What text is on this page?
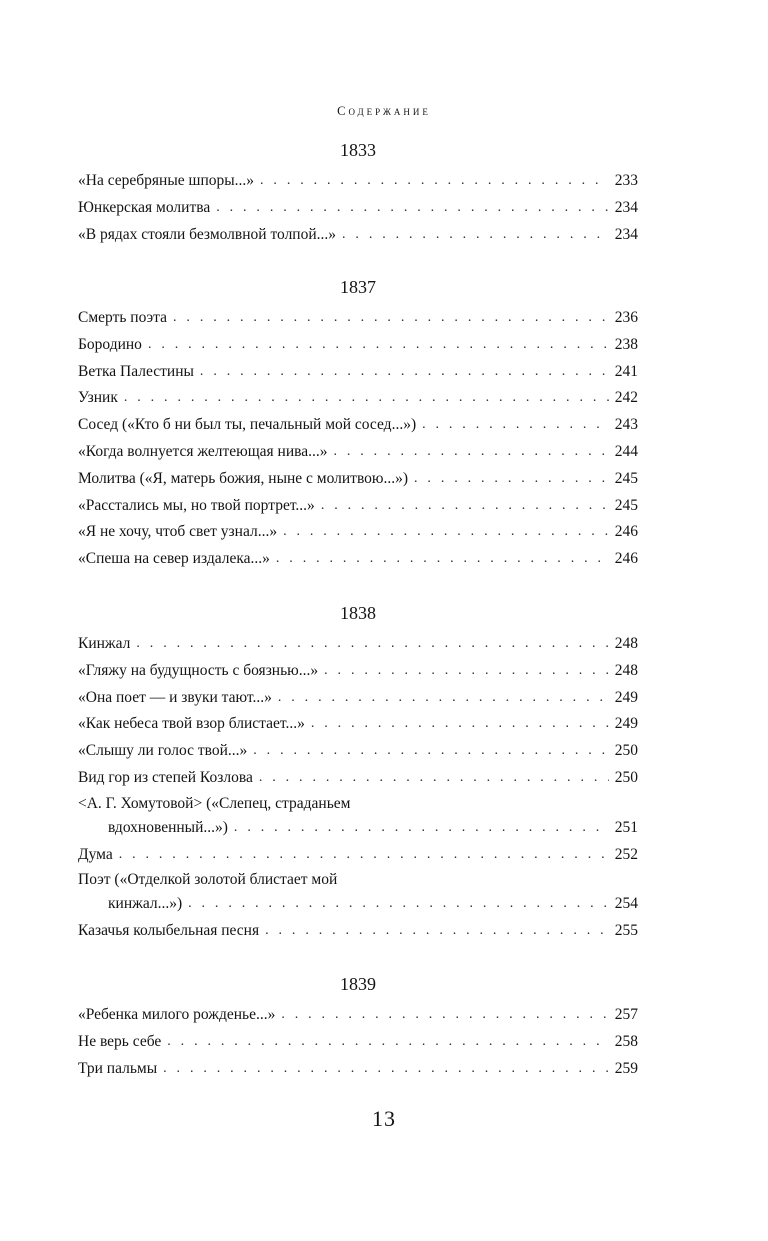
Содержание

1833

«На серебряные шпоры...» . . .	233
Юнкерская молитва . . .	234
«В рядах стояли безмолвной толпой...» . . .	234

1837

Смерть поэта . . .	236
Бородино . . .	238
Ветка Палестины . . .	241
Узник . . .	242
Сосед («Кто б ни был ты, печальный мой сосед...») . . .	243
«Когда волнуется желтеющая нива...» . . .	244
Молитва («Я, матерь божия, ныне с молитвою...») . . .	245
«Расстались мы, но твой портрет...» . . .	245
«Я не хочу, чтоб свет узнал...» . . .	246
«Спеша на север издалека...» . . .	246

1838

Кинжал . . .	248
«Гляжу на будущность с боязнью...» . . .	248
«Она поет — и звуки тают...» . . .	249
«Как небеса твой взор блистает...» . . .	249
«Слышу ли голос твой...» . . .	250
Вид гор из степей Козлова . . .	250
<А. Г. Хомутовой> («Слепец, страданьем
вдохновенный...») . . .	251
Дума . . .	252
Поэт («Отделкой золотой блистает мой
кинжал...») . . .	254
Казачья колыбельная песня . . .	255

1839

«Ребенка милого рожденье...» . . .	257
Не верь себе . . .	258
Три пальмы . . .	259
13
